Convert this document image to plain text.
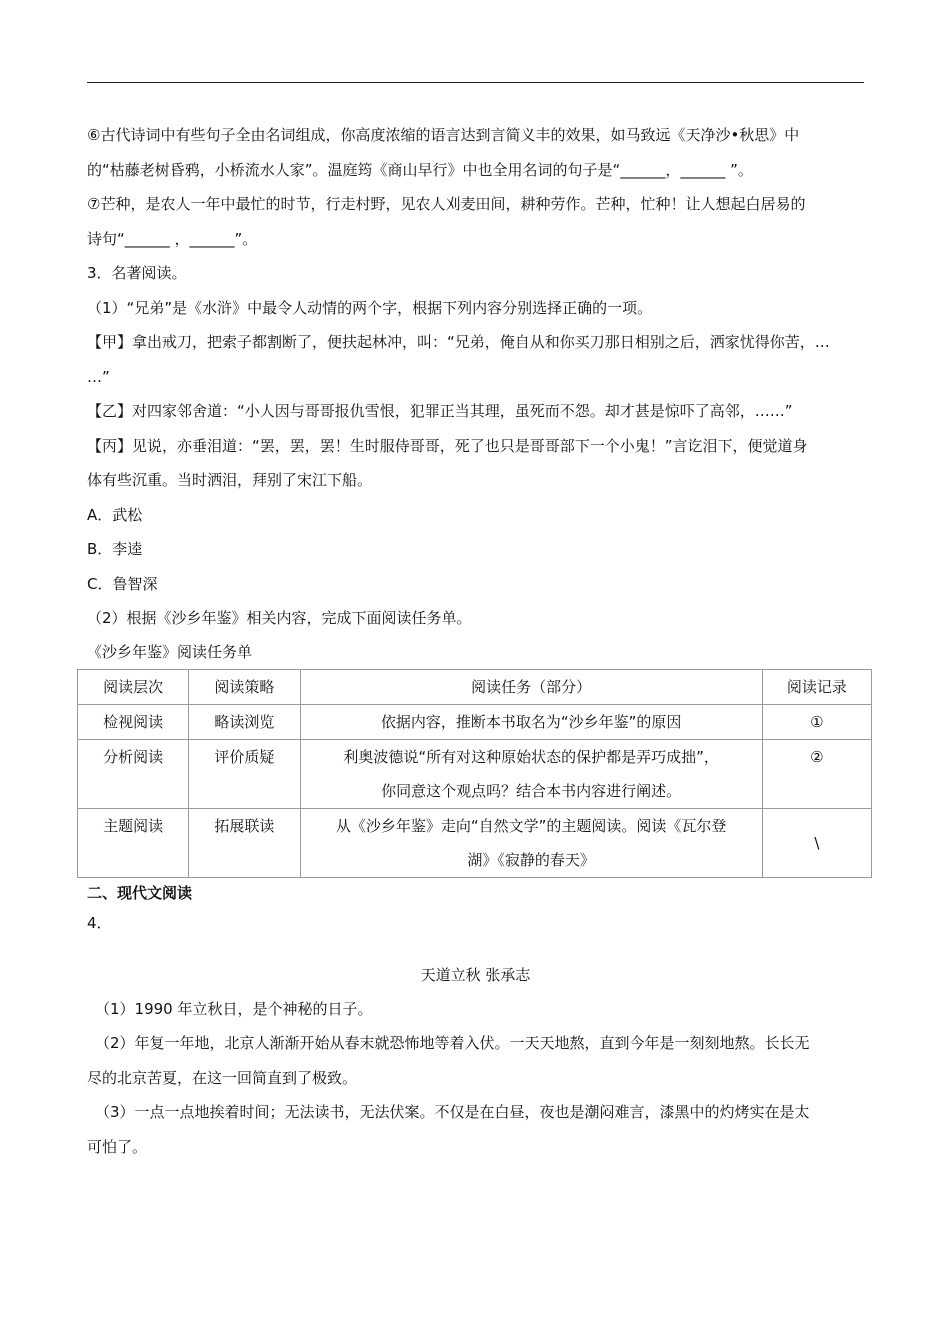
⑥古代诗词中有些句子全由名词组成，你高度浓缩的语言达到言简义丰的效果，如马致远《天净沙•秋思》中

的“枯藤老树昏鸦，小桥流水人家”。温庭筠《商山早行》中也全用名词的句子是“______，______ ”。

⑦芒种，是农人一年中最忙的时节，行走村野，见农人刈麦田间，耕种劳作。芒种，忙种！让人想起白居易的

诗句“______ ，______”。

3．名著阅读。

（1）“兄弟”是《水浒》中最令人动情的两个字，根据下列内容分别选择正确的一项。

【甲】拿出戒刀，把索子都割断了，便扶起林冲，叫：“兄弟，俺自从和你买刀那日相别之后，洒家忧得你苦，…

…”

【乙】对四家邻舍道：“小人因与哥哥报仇雪恨，犯罪正当其理，虽死而不怨。却才甚是惊吓了高邻，……”

【丙】见说，亦垂泪道：“罢，罢，罢！生时服侍哥哥，死了也只是哥哥部下一个小鬼！”言讫泪下，便觉道身

体有些沉重。当时洒泪，拜别了宋江下船。

A．武松

B．李逵

C．鲁智深

（2）根据《沙乡年鉴》相关内容，完成下面阅读任务单。

《沙乡年鉴》阅读任务单

阅读层次	阅读策略	阅读任务（部分）	阅读记录
检视阅读	略读浏览	依据内容，推断本书取名为“沙乡年鉴”的原因	①
分析阅读	评价质疑	利奥波德说“所有对这种原始状态的保护都是弄巧成拙”，
你同意这个观点吗？结合本书内容进行阐述。	②
主题阅读	拓展联读	从《沙乡年鉴》走向“自然文学”的主题阅读。阅读《瓦尔登
湖》《寂静的春天》	\

二、现代文阅读

4．

天道立秋 张承志

（1）1990 年立秋日，是个神秘的日子。

（2）年复一年地，北京人渐渐开始从春末就恐怖地等着入伏。一天天地熬，直到今年是一刻刻地熬。长长无

尽的北京苦夏，在这一回简直到了极致。

（3）一点一点地挨着时间；无法读书，无法伏案。不仅是在白昼，夜也是潮闷难言，漆黑中的灼烤实在是太

可怕了。
